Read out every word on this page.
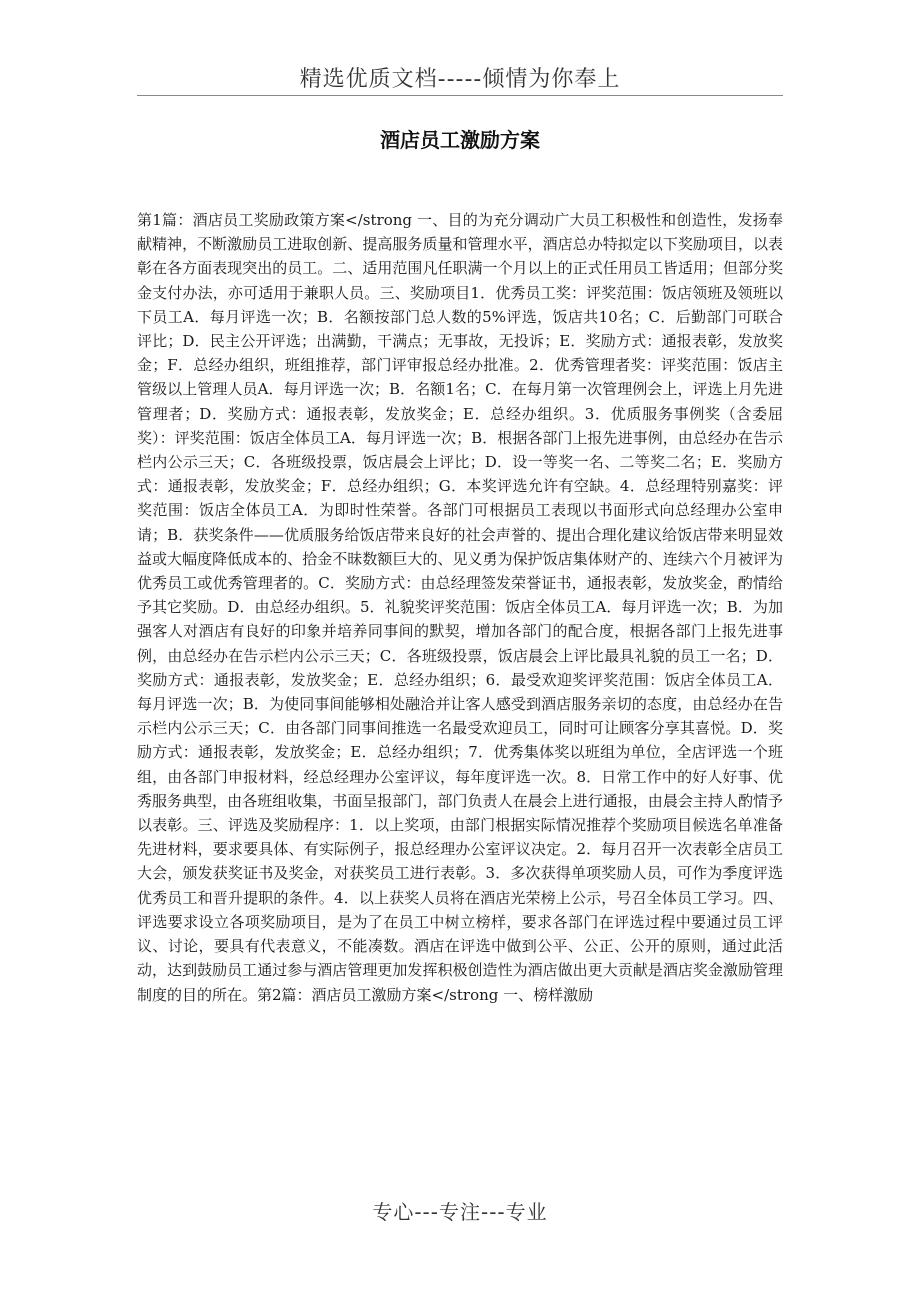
精选优质文档-----倾情为你奉上
酒店员工激励方案
第1篇：酒店员工奖励政策方案</strong 一、目的为充分调动广大员工积极性和创造性，发扬奉献精神，不断激励员工进取创新、提高服务质量和管理水平，酒店总办特拟定以下奖励项目，以表彰在各方面表现突出的员工。二、适用范围凡任职满一个月以上的正式任用员工皆适用；但部分奖金支付办法，亦可适用于兼职人员。三、奖励项目1．优秀员工奖：评奖范围：饭店领班及领班以下员工A．每月评选一次；B．名额按部门总人数的5%评选，饭店共10名；C．后勤部门可联合评比；D．民主公开评选；出满勤，干满点；无事故，无投诉；E．奖励方式：通报表彰，发放奖金；F．总经办组织，班组推荐，部门评审报总经办批准。2．优秀管理者奖：评奖范围：饭店主管级以上管理人员A．每月评选一次；B．名额1名；C．在每月第一次管理例会上，评选上月先进管理者；D．奖励方式：通报表彰，发放奖金；E．总经办组织。3．优质服务事例奖（含委屈奖）：评奖范围：饭店全体员工A．每月评选一次；B．根据各部门上报先进事例，由总经办在告示栏内公示三天；C．各班级投票，饭店晨会上评比；D．设一等奖一名、二等奖二名；E．奖励方式：通报表彰，发放奖金；F．总经办组织；G．本奖评选允许有空缺。4．总经理特别嘉奖：评奖范围：饭店全体员工A．为即时性荣誉。各部门可根据员工表现以书面形式向总经理办公室申请；B．获奖条件——优质服务给饭店带来良好的社会声誉的、提出合理化建议给饭店带来明显效益或大幅度降低成本的、拾金不昧数额巨大的、见义勇为保护饭店集体财产的、连续六个月被评为优秀员工或优秀管理者的。C．奖励方式：由总经理签发荣誉证书，通报表彰，发放奖金，酌情给予其它奖励。D．由总经办组织。5．礼貌奖评奖范围：饭店全体员工A．每月评选一次；B．为加强客人对酒店有良好的印象并培养同事间的默契，增加各部门的配合度，根据各部门上报先进事例，由总经办在告示栏内公示三天；C．各班级投票，饭店晨会上评比最具礼貌的员工一名；D．奖励方式：通报表彰，发放奖金；E．总经办组织；6．最受欢迎奖评奖范围：饭店全体员工A．每月评选一次；B．为使同事间能够相处融洽并让客人感受到酒店服务亲切的态度，由总经办在告示栏内公示三天；C．由各部门同事间推选一名最受欢迎员工，同时可让顾客分享其喜悦。D．奖励方式：通报表彰，发放奖金；E．总经办组织；7．优秀集体奖以班组为单位，全店评选一个班组，由各部门申报材料，经总经理办公室评议，每年度评选一次。8．日常工作中的好人好事、优秀服务典型，由各班组收集，书面呈报部门，部门负责人在晨会上进行通报，由晨会主持人酌情予以表彰。三、评选及奖励程序：1．以上奖项，由部门根据实际情况推荐个奖励项目候选名单准备先进材料，要求要具体、有实际例子，报总经理办公室评议决定。2．每月召开一次表彰全店员工大会，颁发获奖证书及奖金，对获奖员工进行表彰。3．多次获得单项奖励人员，可作为季度评选优秀员工和晋升提职的条件。4．以上获奖人员将在酒店光荣榜上公示，号召全体员工学习。四、评选要求设立各项奖励项目，是为了在员工中树立榜样，要求各部门在评选过程中要通过员工评议、讨论，要具有代表意义，不能凑数。酒店在评选中做到公平、公正、公开的原则，通过此活动，达到鼓励员工通过参与酒店管理更加发挥积极创造性为酒店做出更大贡献是酒店奖金激励管理制度的目的所在。第2篇：酒店员工激励方案</strong 一、榜样激励
专心---专注---专业
